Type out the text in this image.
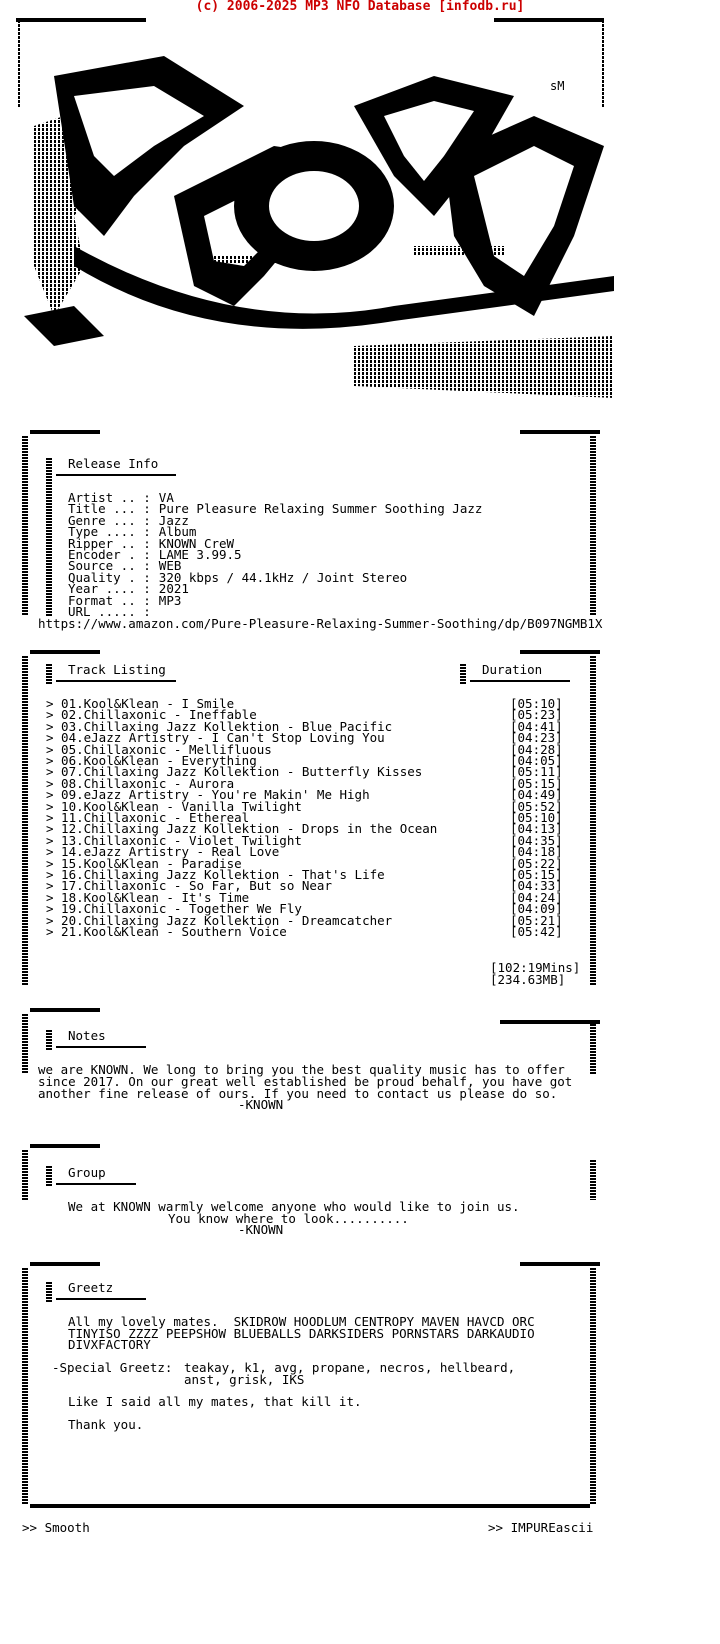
(c) 2006-2025 MP3 NFO Database [infodb.ru]
sM
Release Info
Artist .. : VA
Title ... : Pure Pleasure Relaxing Summer Soothing Jazz
Genre ... : Jazz
Type .... : Album
Ripper .. : KNOWN CreW
Encoder . : LAME 3.99.5
Source .. : WEB
Quality . : 320 kbps / 44.1kHz / Joint Stereo
Year .... : 2021
Format .. : MP3
URL ..... :
https://www.amazon.com/Pure-Pleasure-Relaxing-Summer-Soothing/dp/B097NGMB1X
Track Listing	Duration
> 01.Kool&Klean - I Smile	[05:10]
> 02.Chillaxonic - Ineffable	[05:23]
> 03.Chillaxing Jazz Kollektion - Blue Pacific	[04:41]
> 04.eJazz Artistry - I Can't Stop Loving You	[04:23]
> 05.Chillaxonic - Mellifluous	[04:28]
> 06.Kool&Klean - Everything	[04:05]
> 07.Chillaxing Jazz Kollektion - Butterfly Kisses	[05:11]
> 08.Chillaxonic - Aurora	[05:15]
> 09.eJazz Artistry - You're Makin' Me High	[04:49]
> 10.Kool&Klean - Vanilla Twilight	[05:52]
> 11.Chillaxonic - Ethereal	[05:10]
> 12.Chillaxing Jazz Kollektion - Drops in the Ocean	[04:13]
> 13.Chillaxonic - Violet Twilight	[04:35]
> 14.eJazz Artistry - Real Love	[04:18]
> 15.Kool&Klean - Paradise	[05:22]
> 16.Chillaxing Jazz Kollektion - That's Life	[05:15]
> 17.Chillaxonic - So Far, But so Near	[04:33]
> 18.Kool&Klean - It's Time	[04:24]
> 19.Chillaxonic - Together We Fly	[04:09]
> 20.Chillaxing Jazz Kollektion - Dreamcatcher	[05:21]
> 21.Kool&Klean - Southern Voice	[05:42]
[102:19Mins]
[234.63MB]
Notes
we are KNOWN. We long to bring you the best quality music has to offer
since 2017. On our great well established be proud behalf, you have got
another fine release of ours. If you need to contact us please do so.
-KNOWN
Group
We at KNOWN warmly welcome anyone who would like to join us.
You know where to look..........
-KNOWN
Greetz
All my lovely mates.  SKIDROW HOODLUM CENTROPY MAVEN HAVCD ORC
TINYISO ZZZZ PEEPSHOW BLUEBALLS DARKSIDERS PORNSTARS DARKAUDIO
DIVXFACTORY
-Special Greetz: teakay, k1, avg, propane, necros, hellbeard,
anst, grisk, IKS
Like I said all my mates, that kill it.
Thank you.
>> Smooth	>> IMPUREascii
